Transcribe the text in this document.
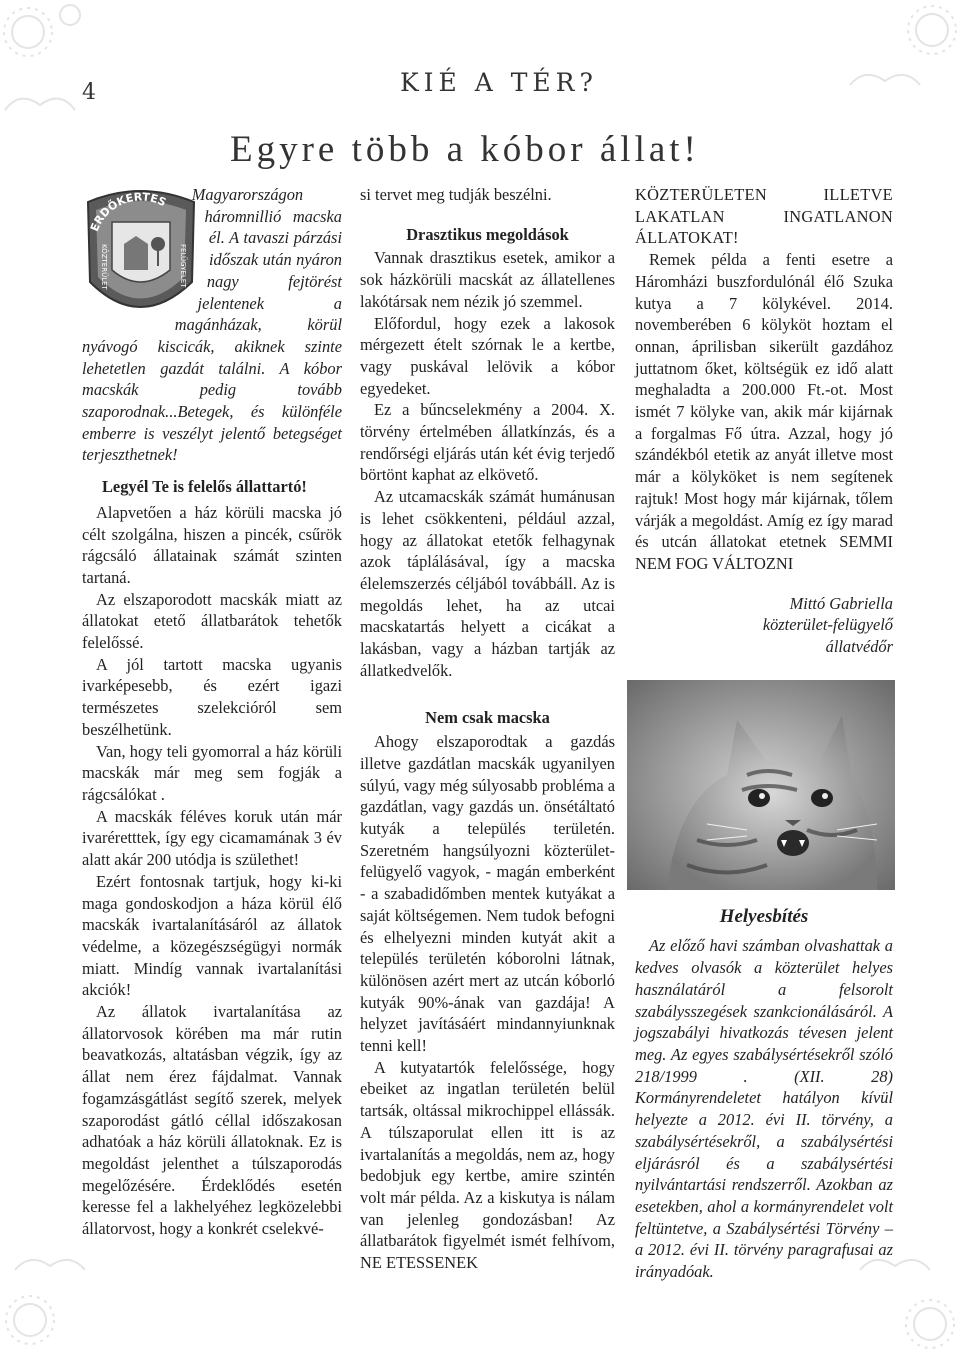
4	KIÉ A TÉR?
Egyre több a kóbor állat!
ERDŐKERTES
KÖZTERÜLET	FELÜGYELET

Magyarországon háromnillió macska él. A tavaszi párzási időszak után nyáron nagy fejtörést jelentenek a magánházak, körül nyávogó kiscicák, akiknek szinte lehetetlen gazdát találni. A kóbor macskák pedig tovább szaporodnak...Betegek, és különféle emberre is veszélyt jelentő betegséget terjeszthetnek!

Legyél Te is felelős állattartó!

Alapvetően a ház körüli macska jó célt szolgálna, hiszen a pincék, csűrök rágcsáló állatainak számát szinten tartaná.

Az elszaporodott macskák miatt az állatokat etető állatbarátok tehetők felelőssé.

A jól tartott macska ugyanis ivarképesebb, és ezért igazi természetes szelekcióról sem beszélhetünk.

Van, hogy teli gyomorral a ház körüli macskák már meg sem fogják a rágcsálókat .

A macskák féléves koruk után már ivaréretttek, így egy cicamamának 3 év alatt akár 200 utódja is születhet!

Ezért fontosnak tartjuk, hogy ki-ki maga gondoskodjon a háza körül élő macskák ivartalanításáról az állatok védelme, a közegészségügyi normák miatt. Mindíg vannak ivartalanítási akciók!

Az állatok ivartalanítása az állatorvosok körében ma már rutin beavatkozás, altatásban végzik, így az állat nem érez fájdalmat. Vannak fogamzásgátlást segítő szerek, melyek szaporodást gátló céllal időszakosan adhatóak a ház körüli állatoknak. Ez is megoldást jelenthet a túlszaporodás megelőzésére. Érdeklődés esetén keresse fel a lakhelyéhez legközelebbi állatorvost, hogy a konkrét cselekvé-

si tervet meg tudják beszélni.

Drasztikus megoldások

Vannak drasztikus esetek, amikor a sok házkörüli macskát az állatellenes lakótársak nem nézik jó szemmel.

Előfordul, hogy ezek a lakosok mérgezett ételt szórnak le a kertbe, vagy puskával lelövik a kóbor egyedeket.

Ez a bűncselekmény a 2004. X. törvény értelmében állatkínzás, és a rendőrségi eljárás után két évig terjedő börtönt kaphat az elkövető.

Az utcamacskák számát humánusan is lehet csökkenteni, például azzal, hogy az állatokat etetők felhagynak azok táplálásával, így a macska élelemszerzés céljából továbbáll. Az is megoldás lehet, ha az utcai macskatartás helyett a cicákat a lakásban, vagy a házban tartják az állatkedvelők.

Nem csak macska

Ahogy elszaporodtak a gazdás illetve gazdátlan macskák ugyanilyen súlyú, vagy még súlyosabb probléma a gazdátlan, vagy gazdás un. önsétáltató kutyák a település területén. Szeretném hangsúlyozni közterület-felügyelő vagyok, - magán emberként - a szabadidőmben mentek kutyákat a saját költségemen. Nem tudok befogni és elhelyezni minden kutyát akit a település területén kóborolni látnak, különösen azért mert az utcán kóborló kutyák 90%-ának van gazdája! A helyzet javításáért mindannyiunknak tenni kell!

A kutyatartók felelőssége, hogy ebeiket az ingatlan területén belül tartsák, oltással mikrochippel ellássák. A túlszaporulat ellen itt is az ivartalanítás a megoldás, nem az, hogy bedobjuk egy kertbe, amire szintén volt már példa. Az a kiskutya is nálam van jelenleg gondozásban! Az állatbarátok figyelmét ismét felhívom, NE ETESSENEK

KÖZTERÜLETEN ILLETVE LAKATLAN INGATLANON ÁLLATOKAT!

Remek példa a fenti esetre a Háromházi buszfordulónál élő Szuka kutya a 7 kölykével. 2014. novemberében 6 kölyköt hoztam el onnan, áprilisban sikerült gazdához juttatnom őket, költségük ez idő alatt meghaladta a 200.000 Ft.-ot. Most ismét 7 kölyke van, akik már kijárnak a forgalmas Fő útra. Azzal, hogy jó szándékból etetik az anyát illetve most már a kölyköket is nem segítenek rajtuk! Most hogy már kijárnak, tőlem várják a megoldást. Amíg ez így marad és utcán állatokat etetnek SEMMI NEM FOG VÁLTOZNI

Mittó Gabriella
közterület-felügyelő
állatvédőr
Helyesbítés

Az előző havi számban olvashattak a kedves olvasók a közterület helyes használatáról a felsorolt szabálysszegések szankcionálásáról. A jogszabályi hivatkozás tévesen jelent meg. Az egyes szabálysértésekről szóló 218/1999 . (XII. 28) Kormányrendeletet hatályon kívül helyezte a 2012. évi II. törvény, a szabálysértésekről, a szabálysértési eljárásról és a szabálysértési nyilvántartási rendszerről. Azokban az esetekben, ahol a kormányrendelet volt feltüntetve, a Szabálysértési Törvény – a 2012. évi II. törvény paragrafusai az irányadóak.
